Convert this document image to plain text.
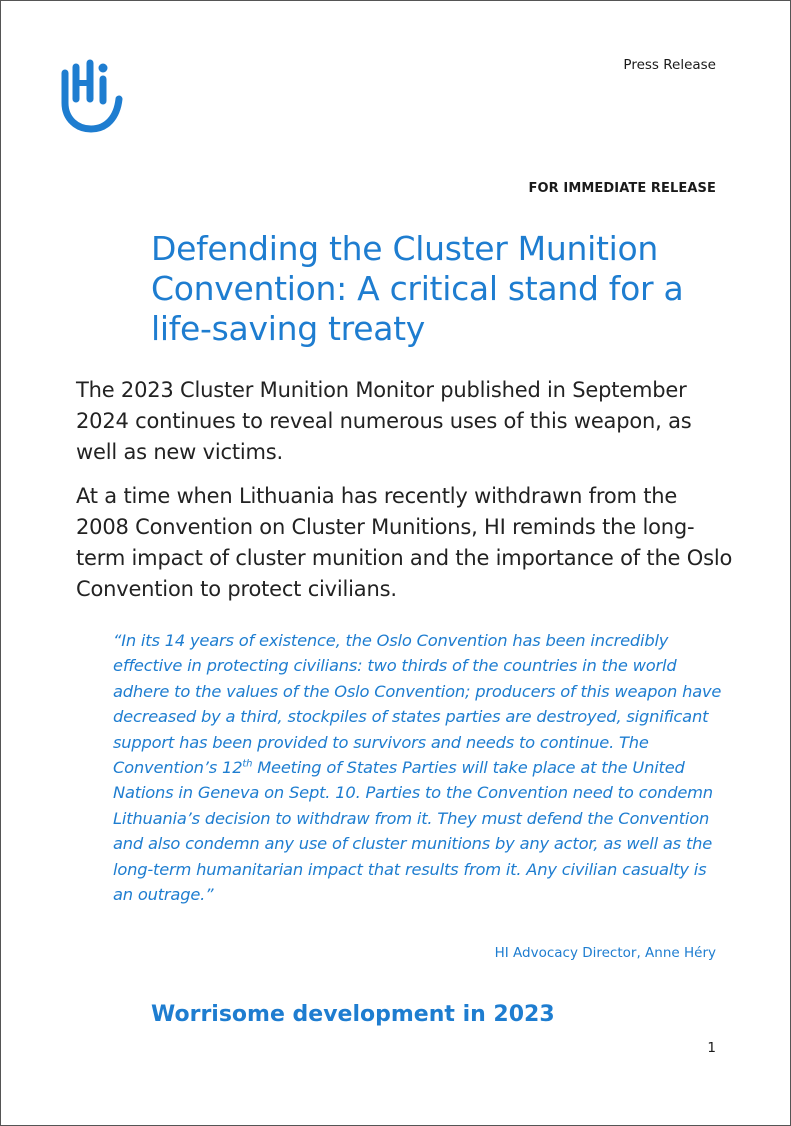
Press Release
FOR IMMEDIATE RELEASE
Defending the Cluster Munition Convention: A critical stand for a life-saving treaty

The 2023 Cluster Munition Monitor published in September 2024 continues to reveal numerous uses of this weapon, as well as new victims.

At a time when Lithuania has recently withdrawn from the 2008 Convention on Cluster Munitions, HI reminds the long-term impact of cluster munition and the importance of the Oslo Convention to protect civilians.

“In its 14 years of existence, the Oslo Convention has been incredibly effective in protecting civilians: two thirds of the countries in the world adhere to the values of the Oslo Convention; producers of this weapon have decreased by a third, stockpiles of states parties are destroyed, significant support has been provided to survivors and needs to continue. The Convention’s 12th Meeting of States Parties will take place at the United Nations in Geneva on Sept. 10. Parties to the Convention need to condemn Lithuania’s decision to withdraw from it. They must defend the Convention and also condemn any use of cluster munitions by any actor, as well as the long-term humanitarian impact that results from it. Any civilian casualty is an outrage.”

HI Advocacy Director, Anne Héry
Worrisome development in 2023
1
